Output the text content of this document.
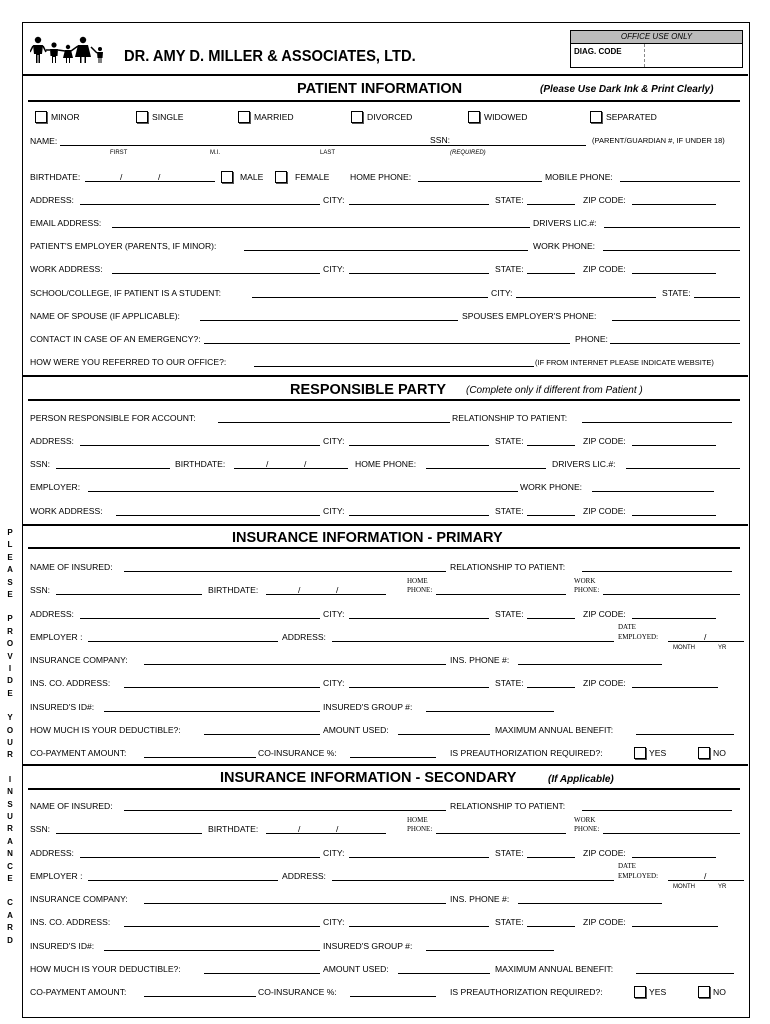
DR. AMY D. MILLER & ASSOCIATES, LTD.
OFFICE USE ONLY
DIAG. CODE
PATIENT INFORMATION	(Please Use Dark Ink & Print Clearly)
MINOR	SINGLE	MARRIED	DIVORCED	WIDOWED	SEPARATED
NAME:	SSN:	(PARENT/GUARDIAN #, IF UNDER 18)
FIRST	M.I.	LAST	(REQUIRED)
BIRTHDATE:	/	/	MALE	FEMALE HOME PHONE:	MOBILE PHONE:
ADDRESS:	CITY:	STATE:	ZIP CODE:
EMAIL ADDRESS:	DRIVERS LIC.#:
PATIENT'S EMPLOYER (PARENTS, IF MINOR):	WORK PHONE:
WORK ADDRESS:	CITY:	STATE:	ZIP CODE:
SCHOOL/COLLEGE, IF PATIENT IS A STUDENT:	CITY:	STATE:
NAME OF SPOUSE (IF APPLICABLE):	SPOUSES EMPLOYER'S PHONE:
CONTACT IN CASE OF AN EMERGENCY?:	PHONE:
HOW WERE YOU REFERRED TO OUR OFFICE?:	(IF FROM INTERNET PLEASE INDICATE WEBSITE)
RESPONSIBLE PARTY (Complete only if different from Patient )
PERSON RESPONSIBLE FOR ACCOUNT:	RELATIONSHIP TO PATIENT:
ADDRESS:	CITY:	STATE:	ZIP CODE:
SSN:	BIRTHDATE:	/	/	HOME PHONE:	DRIVERS LIC.#:
EMPLOYER:	WORK PHONE:
WORK ADDRESS:	CITY:	STATE:	ZIP CODE:
INSURANCE INFORMATION - PRIMARY
NAME OF INSURED:	RELATIONSHIP TO PATIENT:
SSN:	BIRTHDATE:	/	/
HOME
PHONE:
WORK
PHONE:
ADDRESS:	CITY:	STATE:	ZIP CODE:
EMPLOYER :	ADDRESS:
DATE
EMPLOYED:	/
MONTH	YR
INSURANCE COMPANY:	INS. PHONE #:
INS. CO. ADDRESS:	CITY:	STATE:	ZIP CODE:
INSURED'S ID#:	INSURED'S GROUP #:
HOW MUCH IS YOUR DEDUCTIBLE?:	AMOUNT USED:	MAXIMUM ANNUAL BENEFIT:
CO-PAYMENT AMOUNT:	CO-INSURANCE %:	IS PREAUTHORIZATION REQUIRED?:	YES	NO
INSURANCE INFORMATION - SECONDARY	(If Applicable)
NAME OF INSURED:	RELATIONSHIP TO PATIENT:
SSN:	BIRTHDATE:	/	/
HOME
PHONE:
WORK
PHONE:
ADDRESS:	CITY:	STATE:	ZIP CODE:
EMPLOYER :	ADDRESS:
DATE
EMPLOYED:	/
MONTH	YR
INSURANCE COMPANY:	INS. PHONE #:
INS. CO. ADDRESS:	CITY:	STATE:	ZIP CODE:
INSURED'S ID#:	INSURED'S GROUP #:
HOW MUCH IS YOUR DEDUCTIBLE?:	AMOUNT USED:	MAXIMUM ANNUAL BENEFIT:
CO-PAYMENT AMOUNT:	CO-INSURANCE %:	IS PREAUTHORIZATION REQUIRED?:	YES	NO
P
L
E
A
S
E
P
R
O
V
I
D
E
Y
O
U
R
I
N
S
U
R
A
N
C
E
C
A
R
D
